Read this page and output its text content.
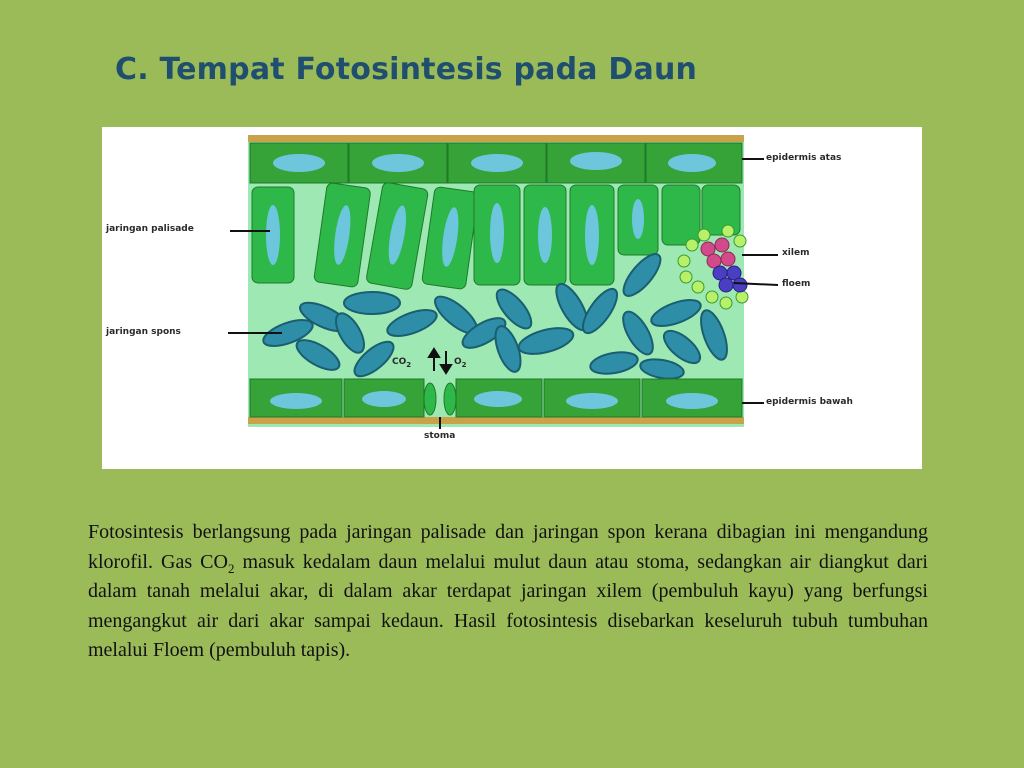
C. Tempat Fotosintesis pada Daun
epidermis atas
jaringan palisade
xilem
floem
jaringan spons
epidermis bawah
stoma
$CO_2$	$O_2$
Fotosintesis berlangsung pada jaringan palisade dan jaringan spon kerana dibagian ini mengandung klorofil. Gas $CO_2$ masuk kedalam daun melalui mulut daun atau stoma, sedangkan air diangkut dari dalam tanah melalui akar, di dalam akar terdapat jaringan xilem (pembuluh kayu) yang berfungsi mengangkut air dari akar sampai kedaun. Hasil fotosintesis disebarkan keseluruh tubuh tumbuhan melalui Floem (pembuluh tapis).
